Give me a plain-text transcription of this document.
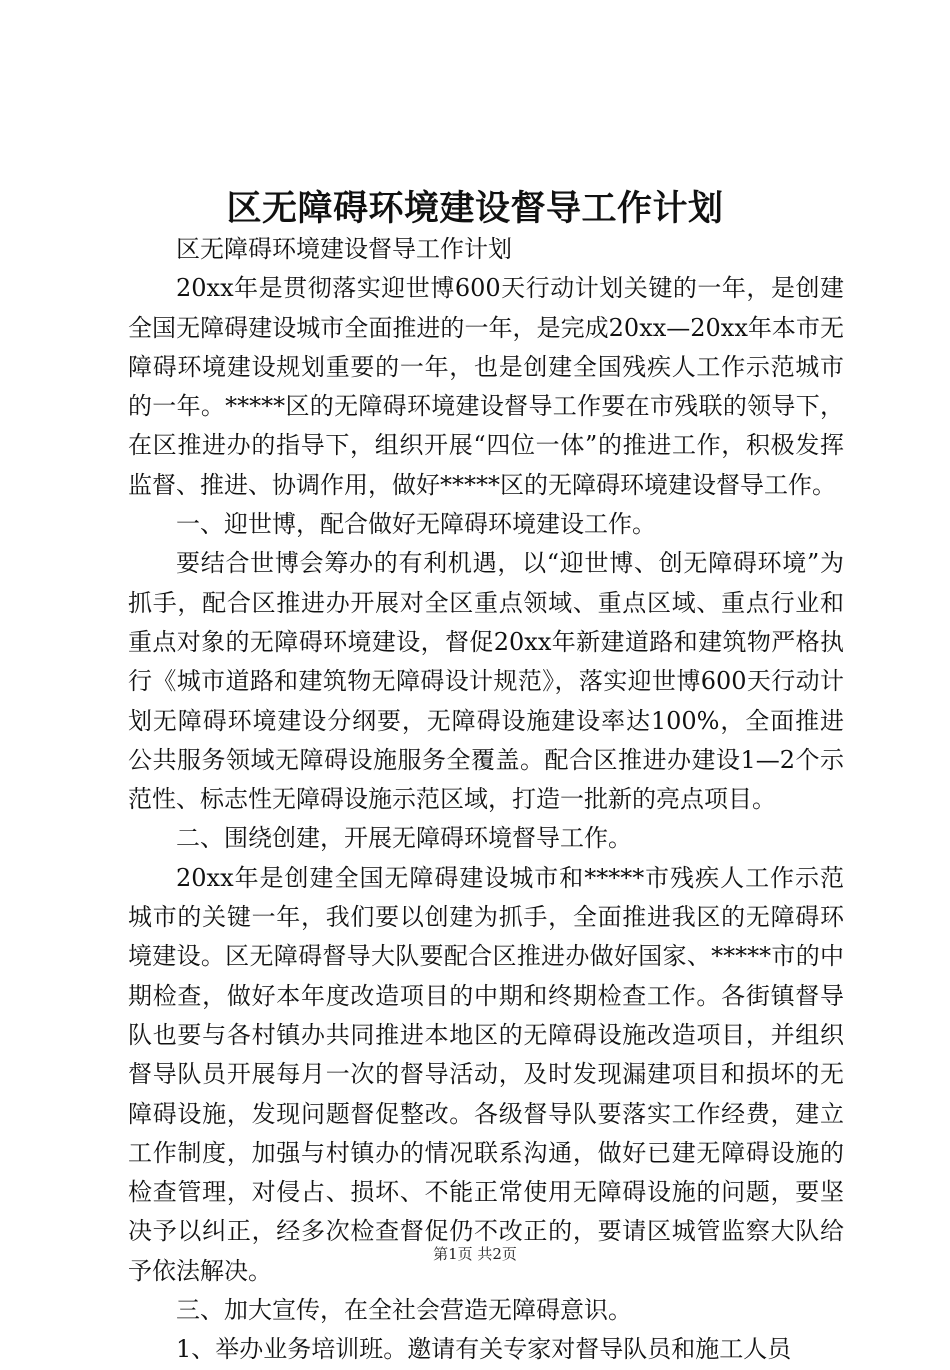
区无障碍环境建设督导工作计划

区无障碍环境建设督导工作计划

20xx年是贯彻落实迎世博600天行动计划关键的一年，是创建全国无障碍建设城市全面推进的一年，是完成20xx—20xx年本市无障碍环境建设规划重要的一年，也是创建全国残疾人工作示范城市的一年。*****区的无障碍环境建设督导工作要在市残联的领导下，在区推进办的指导下，组织开展“四位一体”的推进工作，积极发挥监督、推进、协调作用，做好*****区的无障碍环境建设督导工作。

一、迎世博，配合做好无障碍环境建设工作。

要结合世博会筹办的有利机遇，以“迎世博、创无障碍环境”为抓手，配合区推进办开展对全区重点领域、重点区域、重点行业和重点对象的无障碍环境建设，督促20xx年新建道路和建筑物严格执行《城市道路和建筑物无障碍设计规范》，落实迎世博600天行动计划无障碍环境建设分纲要，无障碍设施建设率达100%，全面推进公共服务领域无障碍设施服务全覆盖。配合区推进办建设1—2个示范性、标志性无障碍设施示范区域，打造一批新的亮点项目。

二、围绕创建，开展无障碍环境督导工作。

20xx年是创建全国无障碍建设城市和*****市残疾人工作示范城市的关键一年，我们要以创建为抓手，全面推进我区的无障碍环境建设。区无障碍督导大队要配合区推进办做好国家、*****市的中期检查，做好本年度改造项目的中期和终期检查工作。各街镇督导队也要与各村镇办共同推进本地区的无障碍设施改造项目，并组织督导队员开展每月一次的督导活动，及时发现漏建项目和损坏的无障碍设施，发现问题督促整改。各级督导队要落实工作经费，建立工作制度，加强与村镇办的情况联系沟通，做好已建无障碍设施的检查管理，对侵占、损坏、不能正常使用无障碍设施的问题，要坚决予以纠正，经多次检查督促仍不改正的，要请区城管监察大队给予依法解决。

三、加大宣传，在全社会营造无障碍意识。

1、举办业务培训班。邀请有关专家对督导队员和施工人员

第1页 共2页
